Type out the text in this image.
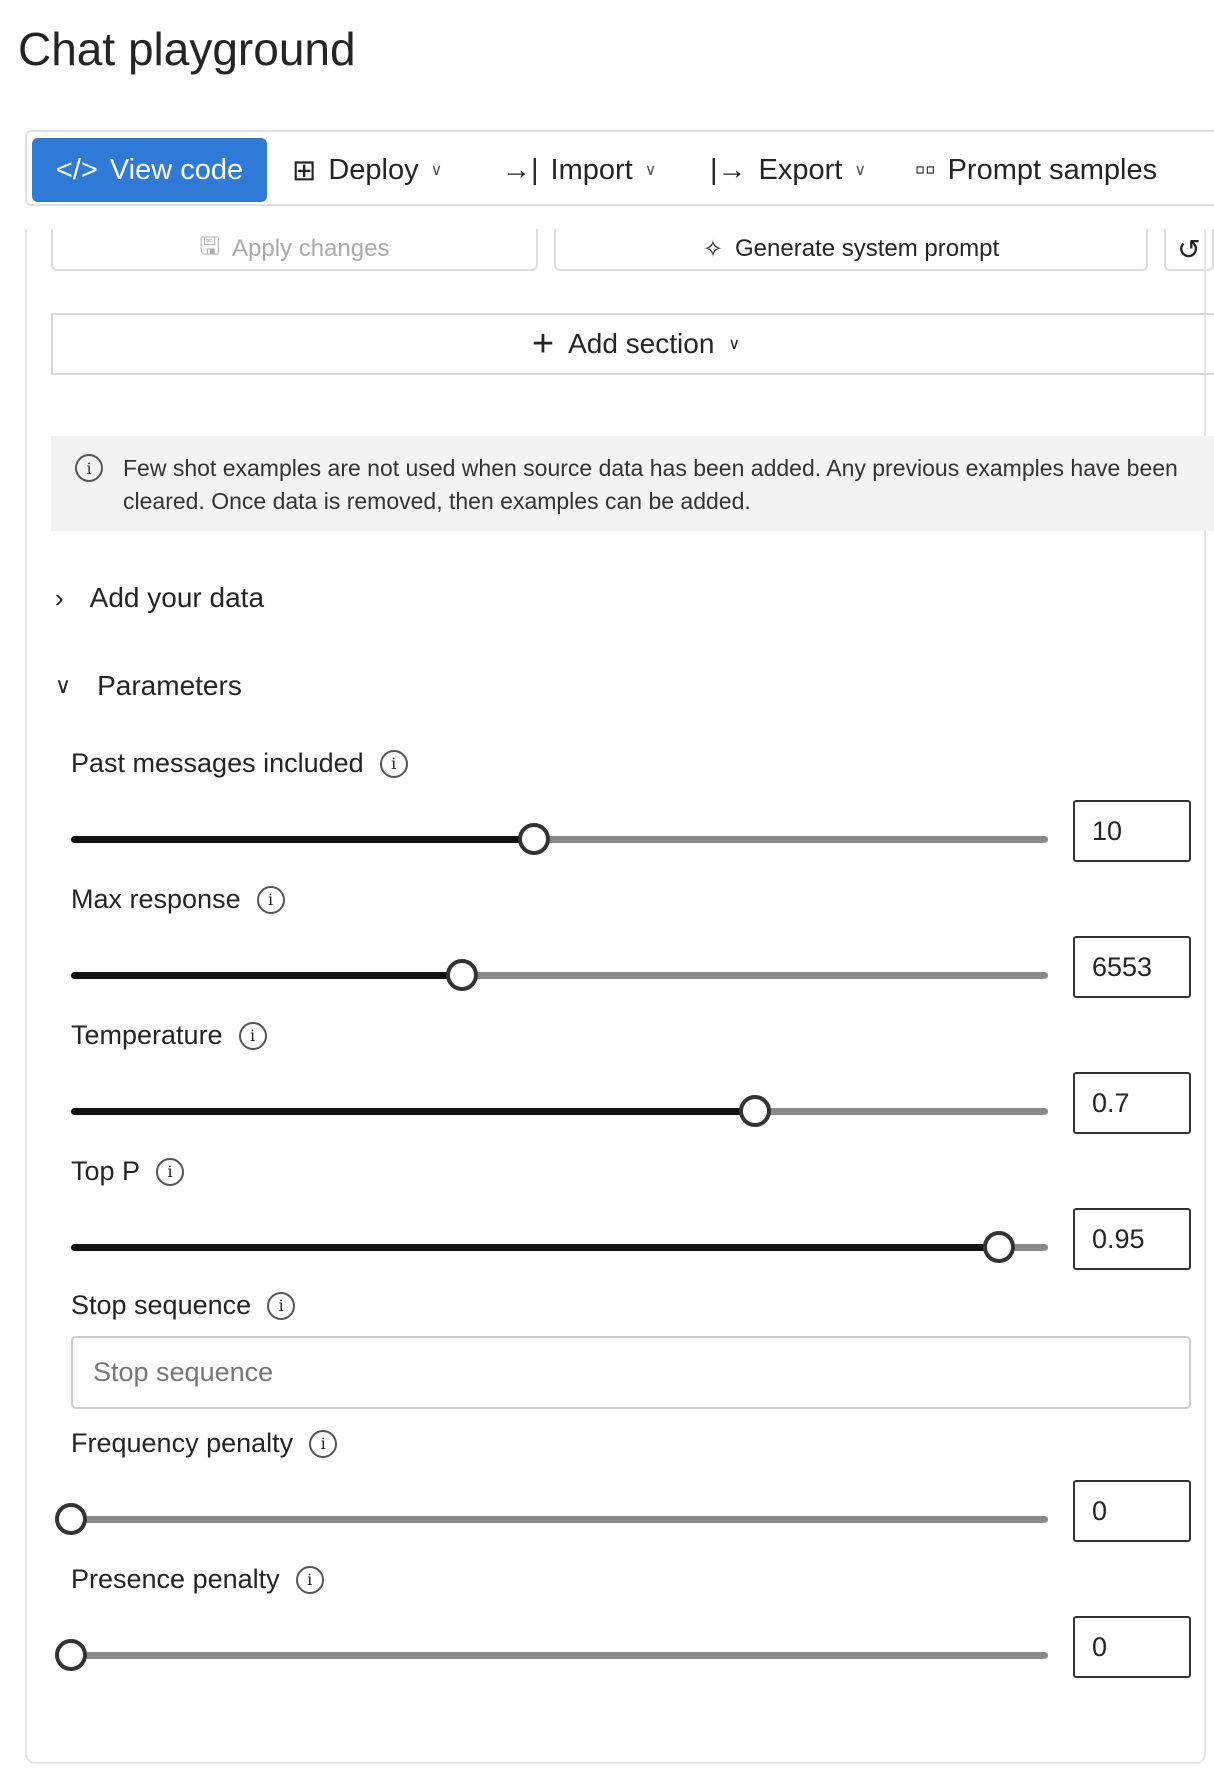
Chat playground
</> View code ⊞ Deploy ∨ →| Import ∨ |→ Export ∨ ▫▫ Prompt samples
🖫 Apply changes	✧ Generate system prompt	↺
+ Add section ∨
i	Few shot examples are not used when source data has been added. Any previous examples have been cleared. Once data is removed, then examples can be added.
› Add your data
∨ Parameters
Past messages included	i
10
Max response	i
6553
Temperature	i
0.7
Top P	i
0.95
Frequency penalty	i
0
Presence penalty	i
0
Stop sequence	i
Stop sequence
